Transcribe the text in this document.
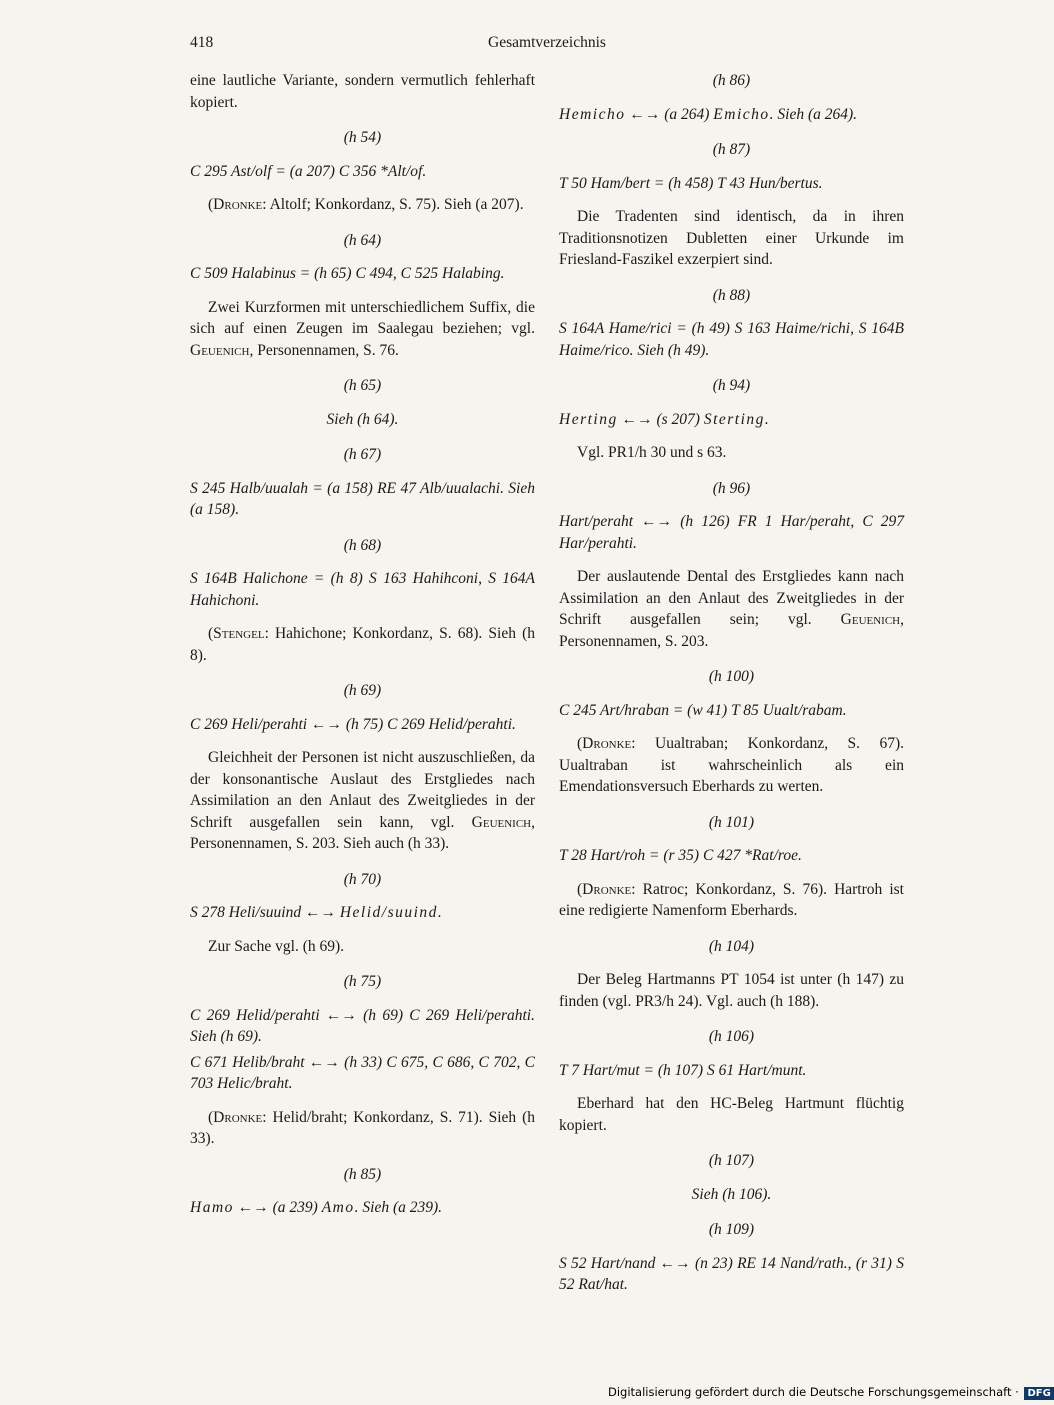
418	Gesamtverzeichnis

eine lautliche Variante, sondern vermutlich fehlerhaft kopiert.

(h 54)
C 295 Ast/olf = (a 207) C 356 *Alt/of.

(Dronke: Altolf; Konkordanz, S. 75). Sieh (a 207).

(h 64)
C 509 Halabinus = (h 65) C 494, C 525 Halabing.

Zwei Kurzformen mit unterschiedlichem Suffix, die sich auf einen Zeugen im Saalegau beziehen; vgl. Geuenich, Personennamen, S. 76.

(h 65)
Sieh (h 64).
(h 67)
S 245 Halb/uualah = (a 158) RE 47 Alb/uualachi. Sieh (a 158).
(h 68)
S 164B Halichone = (h 8) S 163 Hahihconi, S 164A Hahichoni.

(Stengel: Hahichone; Konkordanz, S. 68). Sieh (h 8).

(h 69)
C 269 Heli/perahti ←→ (h 75) C 269 Helid/perahti.

Gleichheit der Personen ist nicht auszuschließen, da der konsonantische Auslaut des Erstgliedes nach Assimilation an den Anlaut des Zweitgliedes in der Schrift ausgefallen sein kann, vgl. Geuenich, Personennamen, S. 203. Sieh auch (h 33).

(h 70)
S 278 Heli/suuind ←→ Helid/suuind.

Zur Sache vgl. (h 69).

(h 75)
C 269 Helid/perahti ←→ (h 69) C 269 Heli/perahti. Sieh (h 69).
C 671 Helib/braht ←→ (h 33) C 675, C 686, C 702, C 703 Helic/braht.

(Dronke: Helid/braht; Konkordanz, S. 71). Sieh (h 33).

(h 85)
Hamo ←→ (a 239) Amo. Sieh (a 239).
(h 86)
Hemicho ←→ (a 264) Emicho. Sieh (a 264).
(h 87)
T 50 Ham/bert = (h 458) T 43 Hun/bertus.

Die Tradenten sind identisch, da in ihren Traditionsnotizen Dubletten einer Urkunde im Friesland-Faszikel exzerpiert sind.

(h 88)
S 164A Hame/rici = (h 49) S 163 Haime/richi, S 164B Haime/rico. Sieh (h 49).
(h 94)
Herting ←→ (s 207) Sterting.

Vgl. PR1/h 30 und s 63.

(h 96)
Hart/peraht ←→ (h 126) FR 1 Har/peraht, C 297 Har/perahti.

Der auslautende Dental des Erstgliedes kann nach Assimilation an den Anlaut des Zweitgliedes in der Schrift ausgefallen sein; vgl. Geuenich, Personennamen, S. 203.

(h 100)
C 245 Art/hraban = (w 41) T 85 Uualt/rabam.

(Dronke: Uualtraban; Konkordanz, S. 67). Uualtraban ist wahrscheinlich als ein Emendationsversuch Eberhards zu werten.

(h 101)
T 28 Hart/roh = (r 35) C 427 *Rat/roe.

(Dronke: Ratroc; Konkordanz, S. 76). Hartroh ist eine redigierte Namenform Eberhards.

(h 104)

Der Beleg Hartmanns PT 1054 ist unter (h 147) zu finden (vgl. PR3/h 24). Vgl. auch (h 188).

(h 106)
T 7 Hart/mut = (h 107) S 61 Hart/munt.

Eberhard hat den HC-Beleg Hartmunt flüchtig kopiert.

(h 107)
Sieh (h 106).
(h 109)
S 52 Hart/nand ←→ (n 23) RE 14 Nand/rath., (r 31) S 52 Rat/hat.
Digitalisierung gefördert durch die Deutsche Forschungsgemeinschaft · DFG
